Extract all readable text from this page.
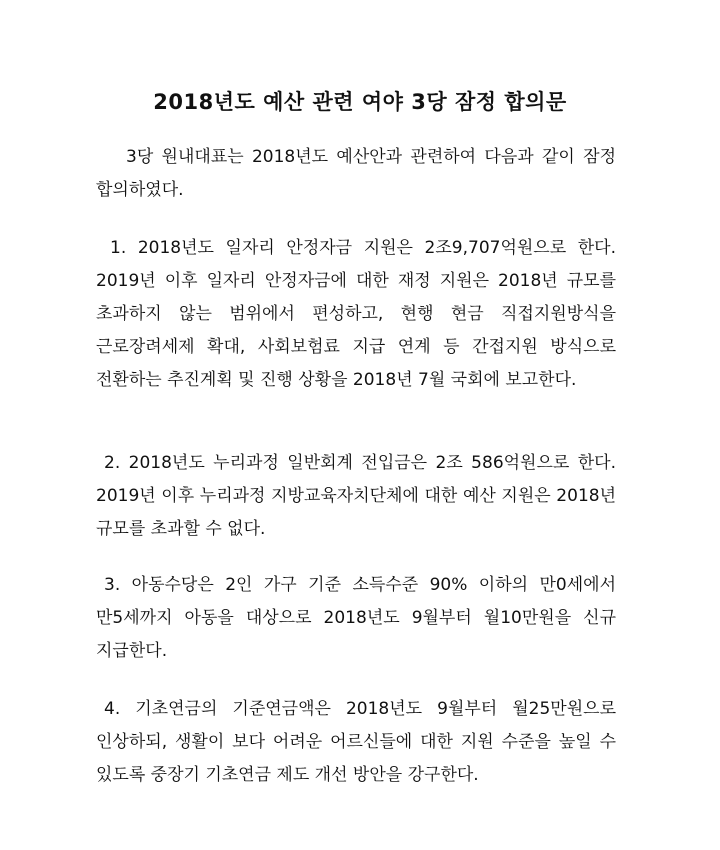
2018년도 예산 관련 여야 3당 잠정 합의문

3당 원내대표는 2018년도 예산안과 관련하여 다음과 같이 잠정 합의하였다.

1. 2018년도 일자리 안정자금 지원은 2조9,707억원으로 한다. 2019년 이후 일자리 안정자금에 대한 재정 지원은 2018년 규모를 초과하지 않는 범위에서 편성하고, 현행 현금 직접지원방식을 근로장려세제 확대, 사회보험료 지급 연계 등 간접지원 방식으로 전환하는 추진계획 및 진행 상황을 2018년 7월 국회에 보고한다.

2. 2018년도 누리과정 일반회계 전입금은 2조 586억원으로 한다. 2019년 이후 누리과정 지방교육자치단체에 대한 예산 지원은 2018년 규모를 초과할 수 없다.

3. 아동수당은 2인 가구 기준 소득수준 90% 이하의 만0세에서 만5세까지 아동을 대상으로 2018년도 9월부터 월10만원을 신규 지급한다.

4. 기초연금의 기준연금액은 2018년도 9월부터 월25만원으로 인상하되, 생활이 보다 어려운 어르신들에 대한 지원 수준을 높일 수 있도록 중장기 기초연금 제도 개선 방안을 강구한다.
